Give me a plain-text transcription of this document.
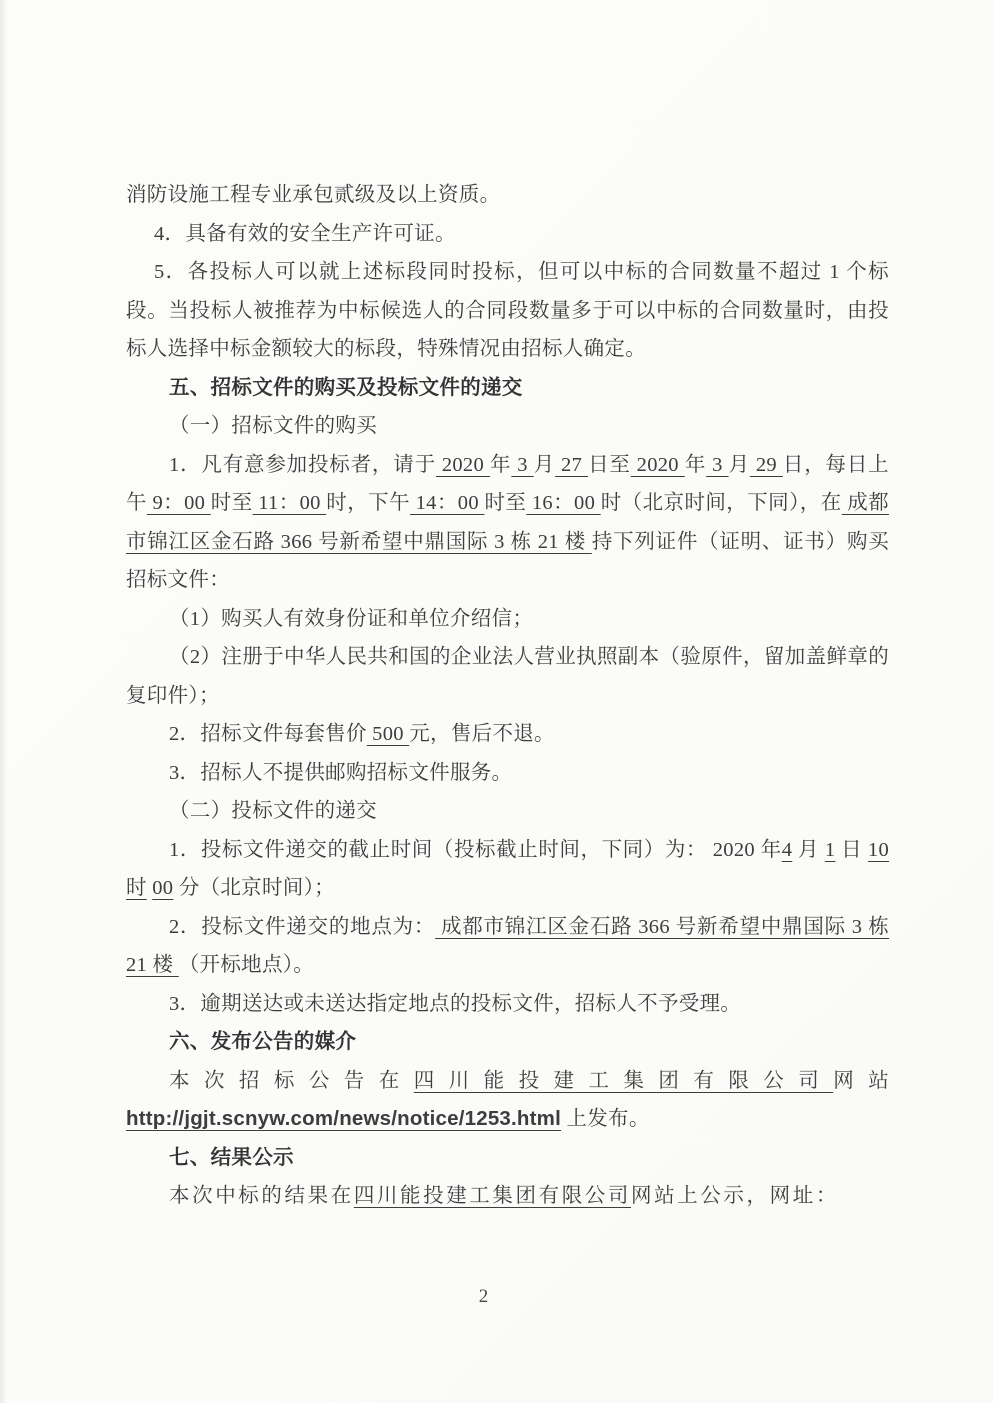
消防设施工程专业承包贰级及以上资质。

4．具备有效的安全生产许可证。

5．各投标人可以就上述标段同时投标，但可以中标的合同数量不超过 1 个标段。当投标人被推荐为中标候选人的合同段数量多于可以中标的合同数量时，由投标人选择中标金额较大的标段，特殊情况由招标人确定。

五、招标文件的购买及投标文件的递交

（一）招标文件的购买

1．凡有意参加投标者，请于 2020 年 3 月 27 日至 2020 年 3 月 29 日，每日上午 9：00 时至 11：00 时，下午 14：00 时至 16：00 时（北京时间，下同），在 成都市锦江区金石路 366 号新希望中鼎国际 3 栋 21 楼 持下列证件（证明、证书）购买招标文件：

（1）购买人有效身份证和单位介绍信；

（2）注册于中华人民共和国的企业法人营业执照副本（验原件，留加盖鲜章的复印件）；

2．招标文件每套售价 500 元，售后不退。

3．招标人不提供邮购招标文件服务。

（二）投标文件的递交

1．投标文件递交的截止时间（投标截止时间，下同）为： 2020 年4 月 1 日 10 时 00 分（北京时间）；

2．投标文件递交的地点为： 成都市锦江区金石路 366 号新希望中鼎国际 3 栋 21 楼 （开标地点）。

3．逾期送达或未送达指定地点的投标文件，招标人不予受理。

六、发布公告的媒介

本次招标公告在四川能投建工集团有限公司网站http://jgjt.scnyw.com/news/notice/1253.html 上发布。

七、结果公示

本次中标的结果在四川能投建工集团有限公司网站上公示，网址：

2
